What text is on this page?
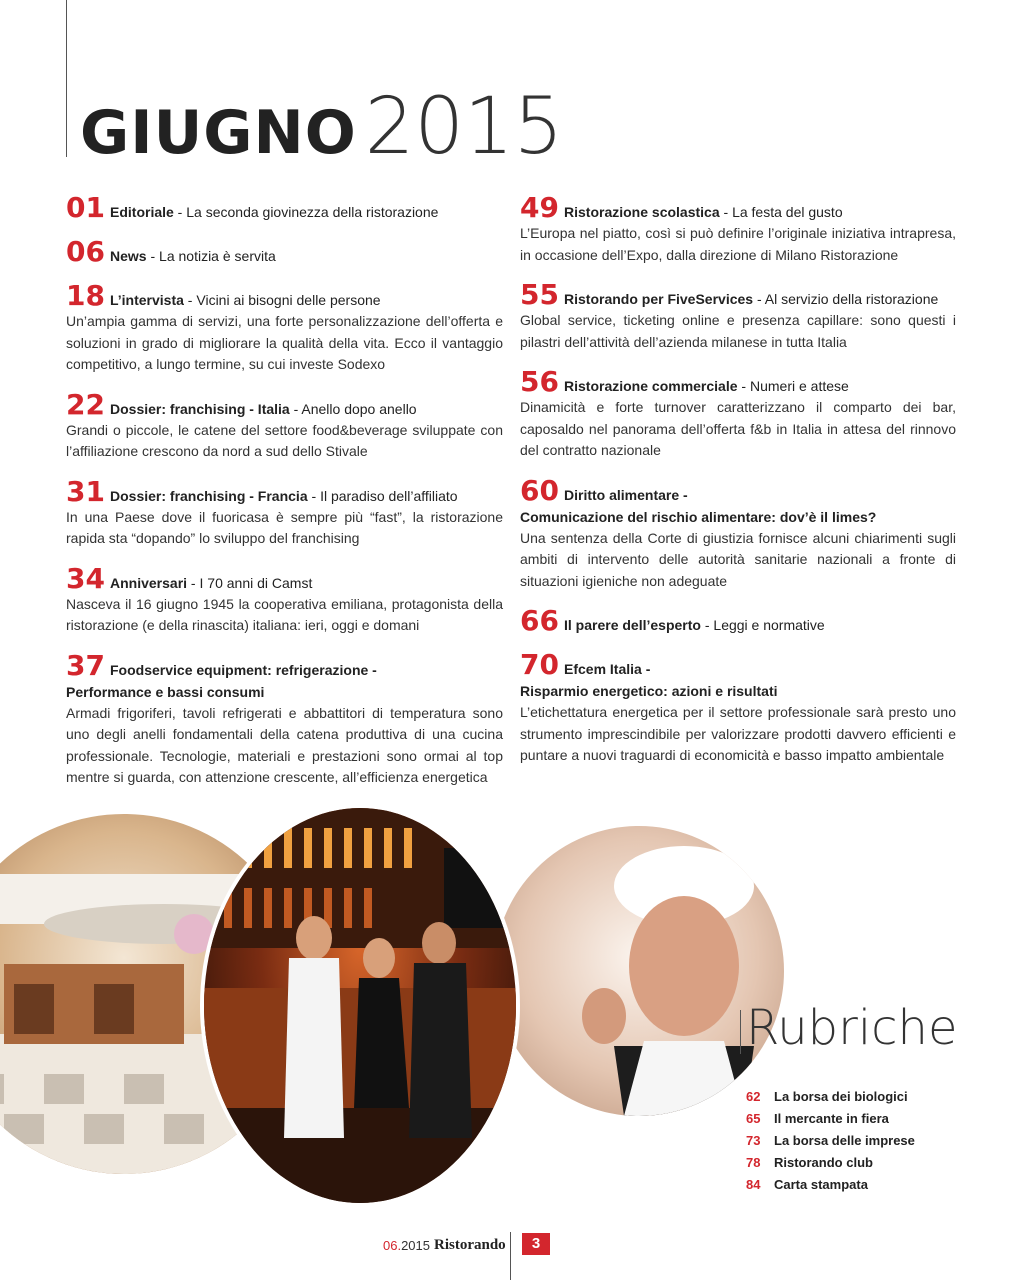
GIUGNO 2015
01 Editoriale - La seconda giovinezza della ristorazione
06 News - La notizia è servita
18 L’intervista - Vicini ai bisogni delle persone
Un’ampia gamma di servizi, una forte personalizzazione dell’offerta e soluzioni in grado di migliorare la qualità della vita. Ecco il vantaggio competitivo, a lungo termine, su cui investe Sodexo
22 Dossier: franchising - Italia - Anello dopo anello
Grandi o piccole, le catene del settore food&beverage sviluppate con l’affiliazione crescono da nord a sud dello Stivale
31 Dossier: franchising - Francia - Il paradiso dell’affiliato
In una Paese dove il fuoricasa è sempre più “fast”, la ristorazione rapida sta “dopando” lo sviluppo del franchising
34 Anniversari - I 70 anni di Camst
Nasceva il 16 giugno 1945 la cooperativa emiliana, protagonista della ristorazione (e della rinascita) italiana: ieri, oggi e domani
37 Foodservice equipment: refrigerazione -
Performance e bassi consumi
Armadi frigoriferi, tavoli refrigerati e abbattitori di temperatura sono uno degli anelli fondamentali della catena produttiva di una cucina professionale. Tecnologie, materiali e prestazioni sono ormai al top mentre si guarda, con attenzione crescente, all’efficienza energetica
49 Ristorazione scolastica - La festa del gusto
L’Europa nel piatto, così si può definire l’originale iniziativa intrapresa, in occasione dell’Expo, dalla direzione di Milano Ristorazione
55 Ristorando per FiveServices - Al servizio della ristorazione
Global service, ticketing online e presenza capillare: sono questi i pilastri dell’attività dell’azienda milanese in tutta Italia
56 Ristorazione commerciale - Numeri e attese
Dinamicità e forte turnover caratterizzano il comparto dei bar, caposaldo nel panorama dell’offerta f&b in Italia in attesa del rinnovo del contratto nazionale
60 Diritto alimentare -
Comunicazione del rischio alimentare: dov’è il limes?
Una sentenza della Corte di giustizia fornisce alcuni chiarimenti sugli ambiti di intervento delle autorità sanitarie nazionali a fronte di situazioni igieniche non adeguate
66 Il parere dell’esperto - Leggi e normative
70 Efcem Italia -
Risparmio energetico: azioni e risultati
L’etichettatura energetica per il settore professionale sarà presto uno strumento imprescindibile per valorizzare prodotti davvero efficienti e puntare a nuovi traguardi di economicità e basso impatto ambientale
Rubriche
62	La borsa dei biologici
65	Il mercante in fiera
73	La borsa delle imprese
78	Ristorando club
84	Carta stampata
06. 2015 Ristorando	3
